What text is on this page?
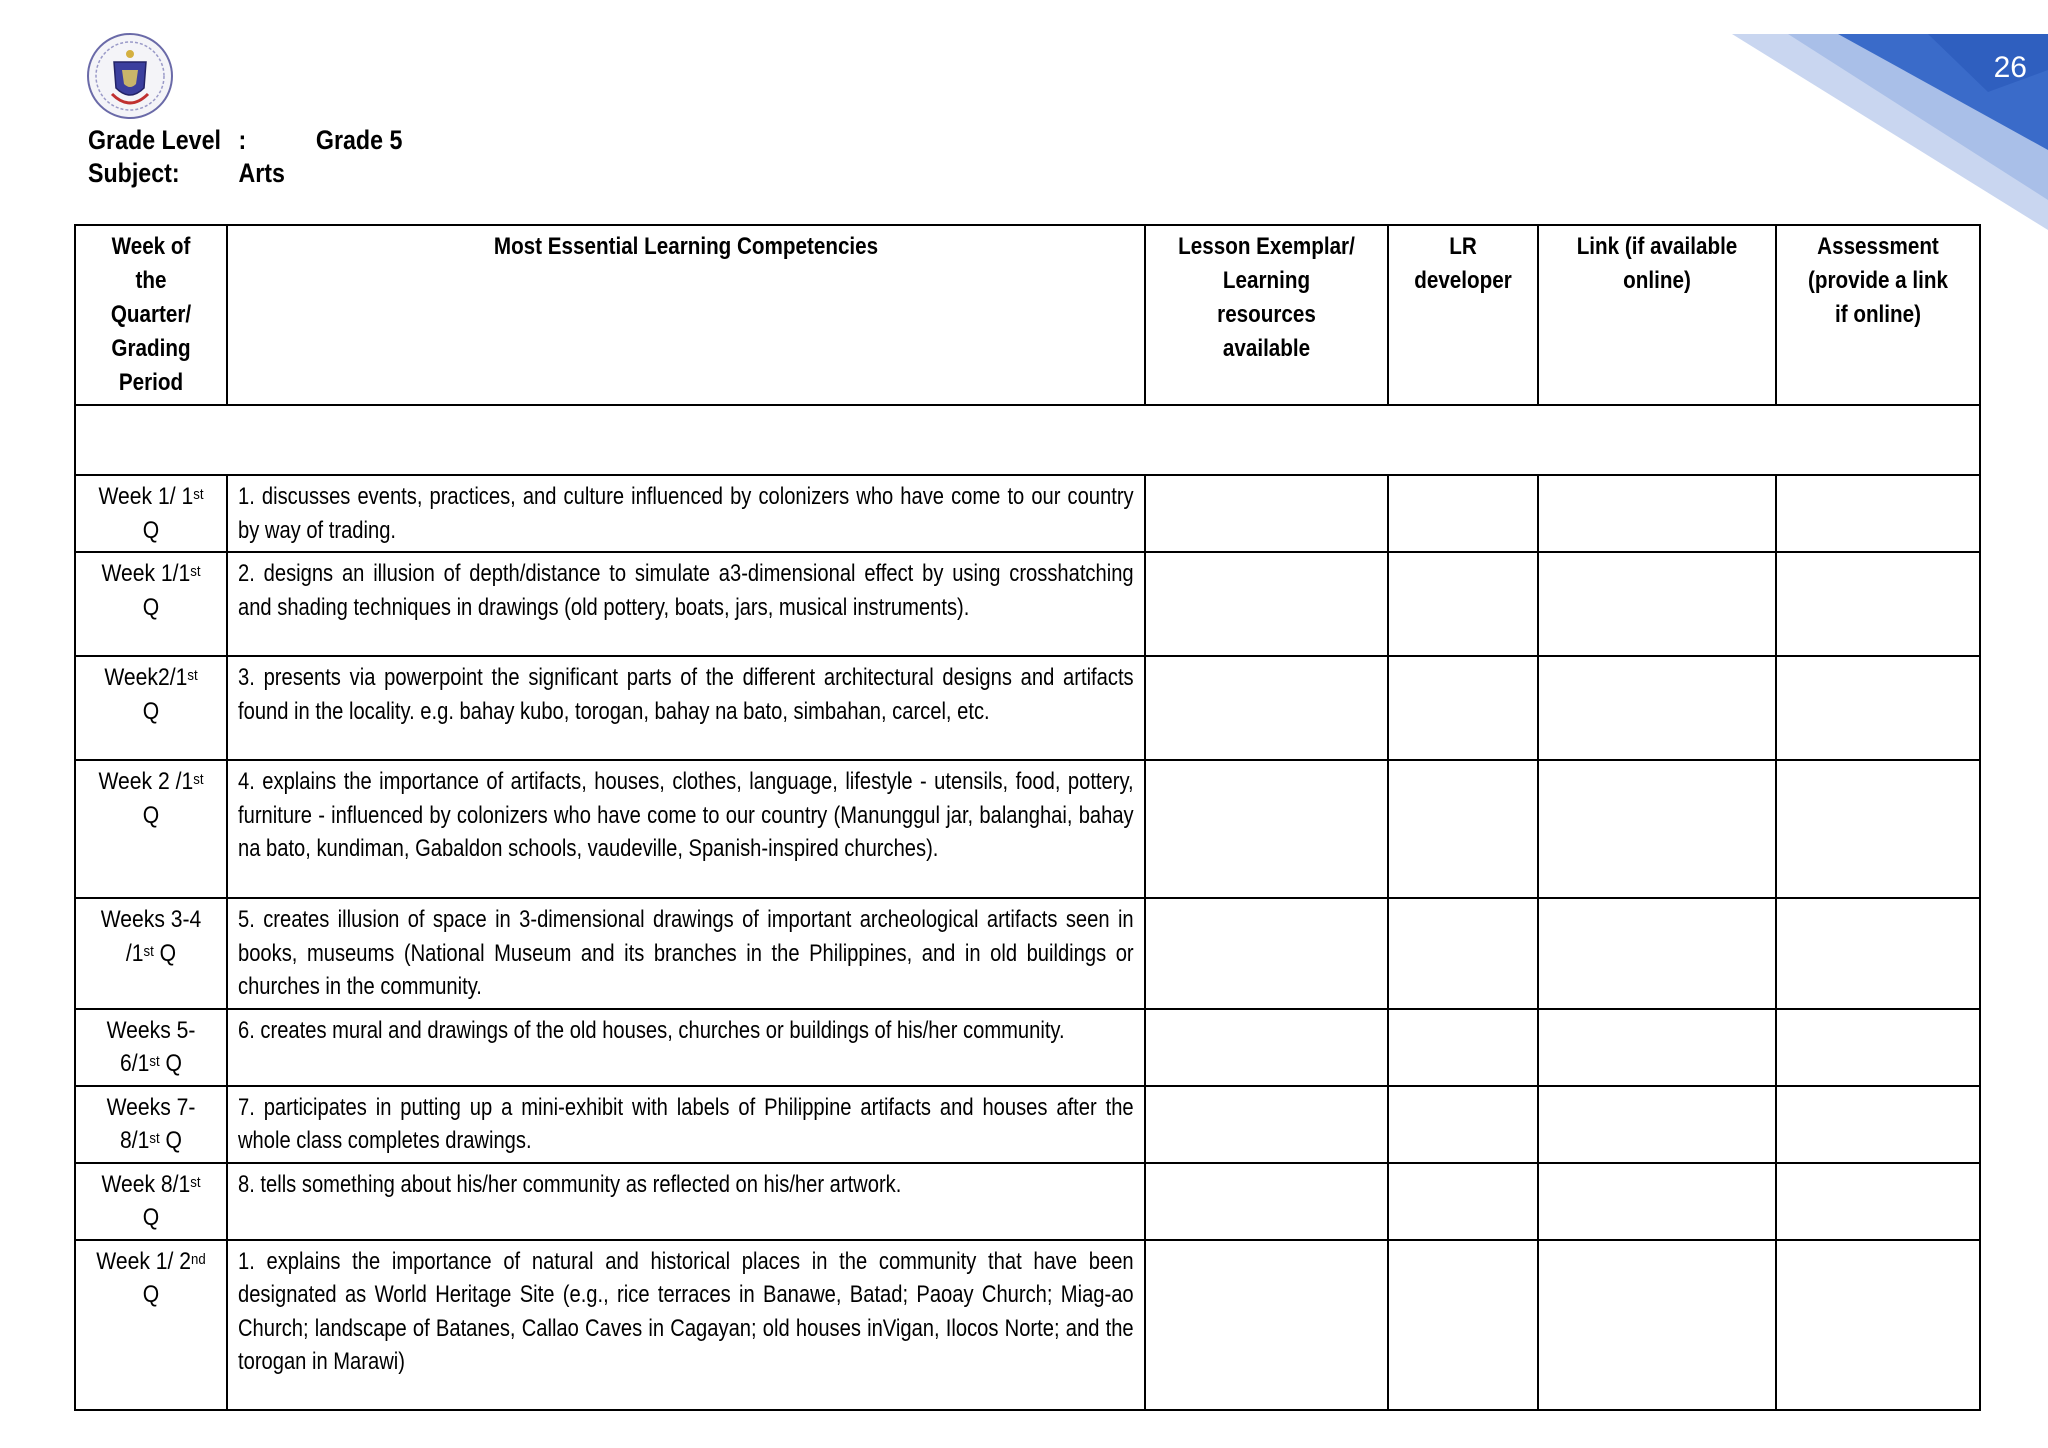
26
Grade Level :	Grade 5
Subject:	Arts
Week of the Quarter/ Grading Period	Most Essential Learning Competencies	Lesson Exemplar/ Learning resources available	LR developer	Link (if available online)	Assessment (provide a link if online)

Week 1/ 1st Q	1. discusses events, practices, and culture influenced by colonizers who have come to our country by way of trading.				

Week 1/1st Q	2. designs an illusion of depth/distance to simulate a3-dimensional effect by using crosshatching and shading techniques in drawings (old pottery, boats, jars, musical instruments).				

Week2/1st Q	3. presents via powerpoint the significant parts of the different architectural designs and artifacts found in the locality. e.g. bahay kubo, torogan, bahay na bato, simbahan, carcel, etc.				

Week 2 /1st Q	4. explains the importance of artifacts, houses, clothes, language, lifestyle - utensils, food, pottery, furniture - influenced by colonizers who have come to our country (Manunggul jar, balanghai, bahay na bato, kundiman, Gabaldon schools, vaudeville, Spanish-inspired churches).				

Weeks 3-4 /1st Q	5. creates illusion of space in 3-dimensional drawings of important archeological artifacts seen in books, museums (National Museum and its branches in the Philippines, and in old buildings or churches in the community.				

Weeks 5-6/1st Q	6. creates mural and drawings of the old houses, churches or buildings of his/her community.				

Weeks 7-8/1st Q	7. participates in putting up a mini-exhibit with labels of Philippine artifacts and houses after the whole class completes drawings.				

Week 8/1st Q	8. tells something about his/her community as reflected on his/her artwork.				

Week 1/ 2nd Q	1. explains the importance of natural and historical places in the community that have been designated as World Heritage Site (e.g., rice terraces in Banawe, Batad; Paoay Church; Miag-ao Church; landscape of Batanes, Callao Caves in Cagayan; old houses inVigan, Ilocos Norte; and the torogan in Marawi)				
